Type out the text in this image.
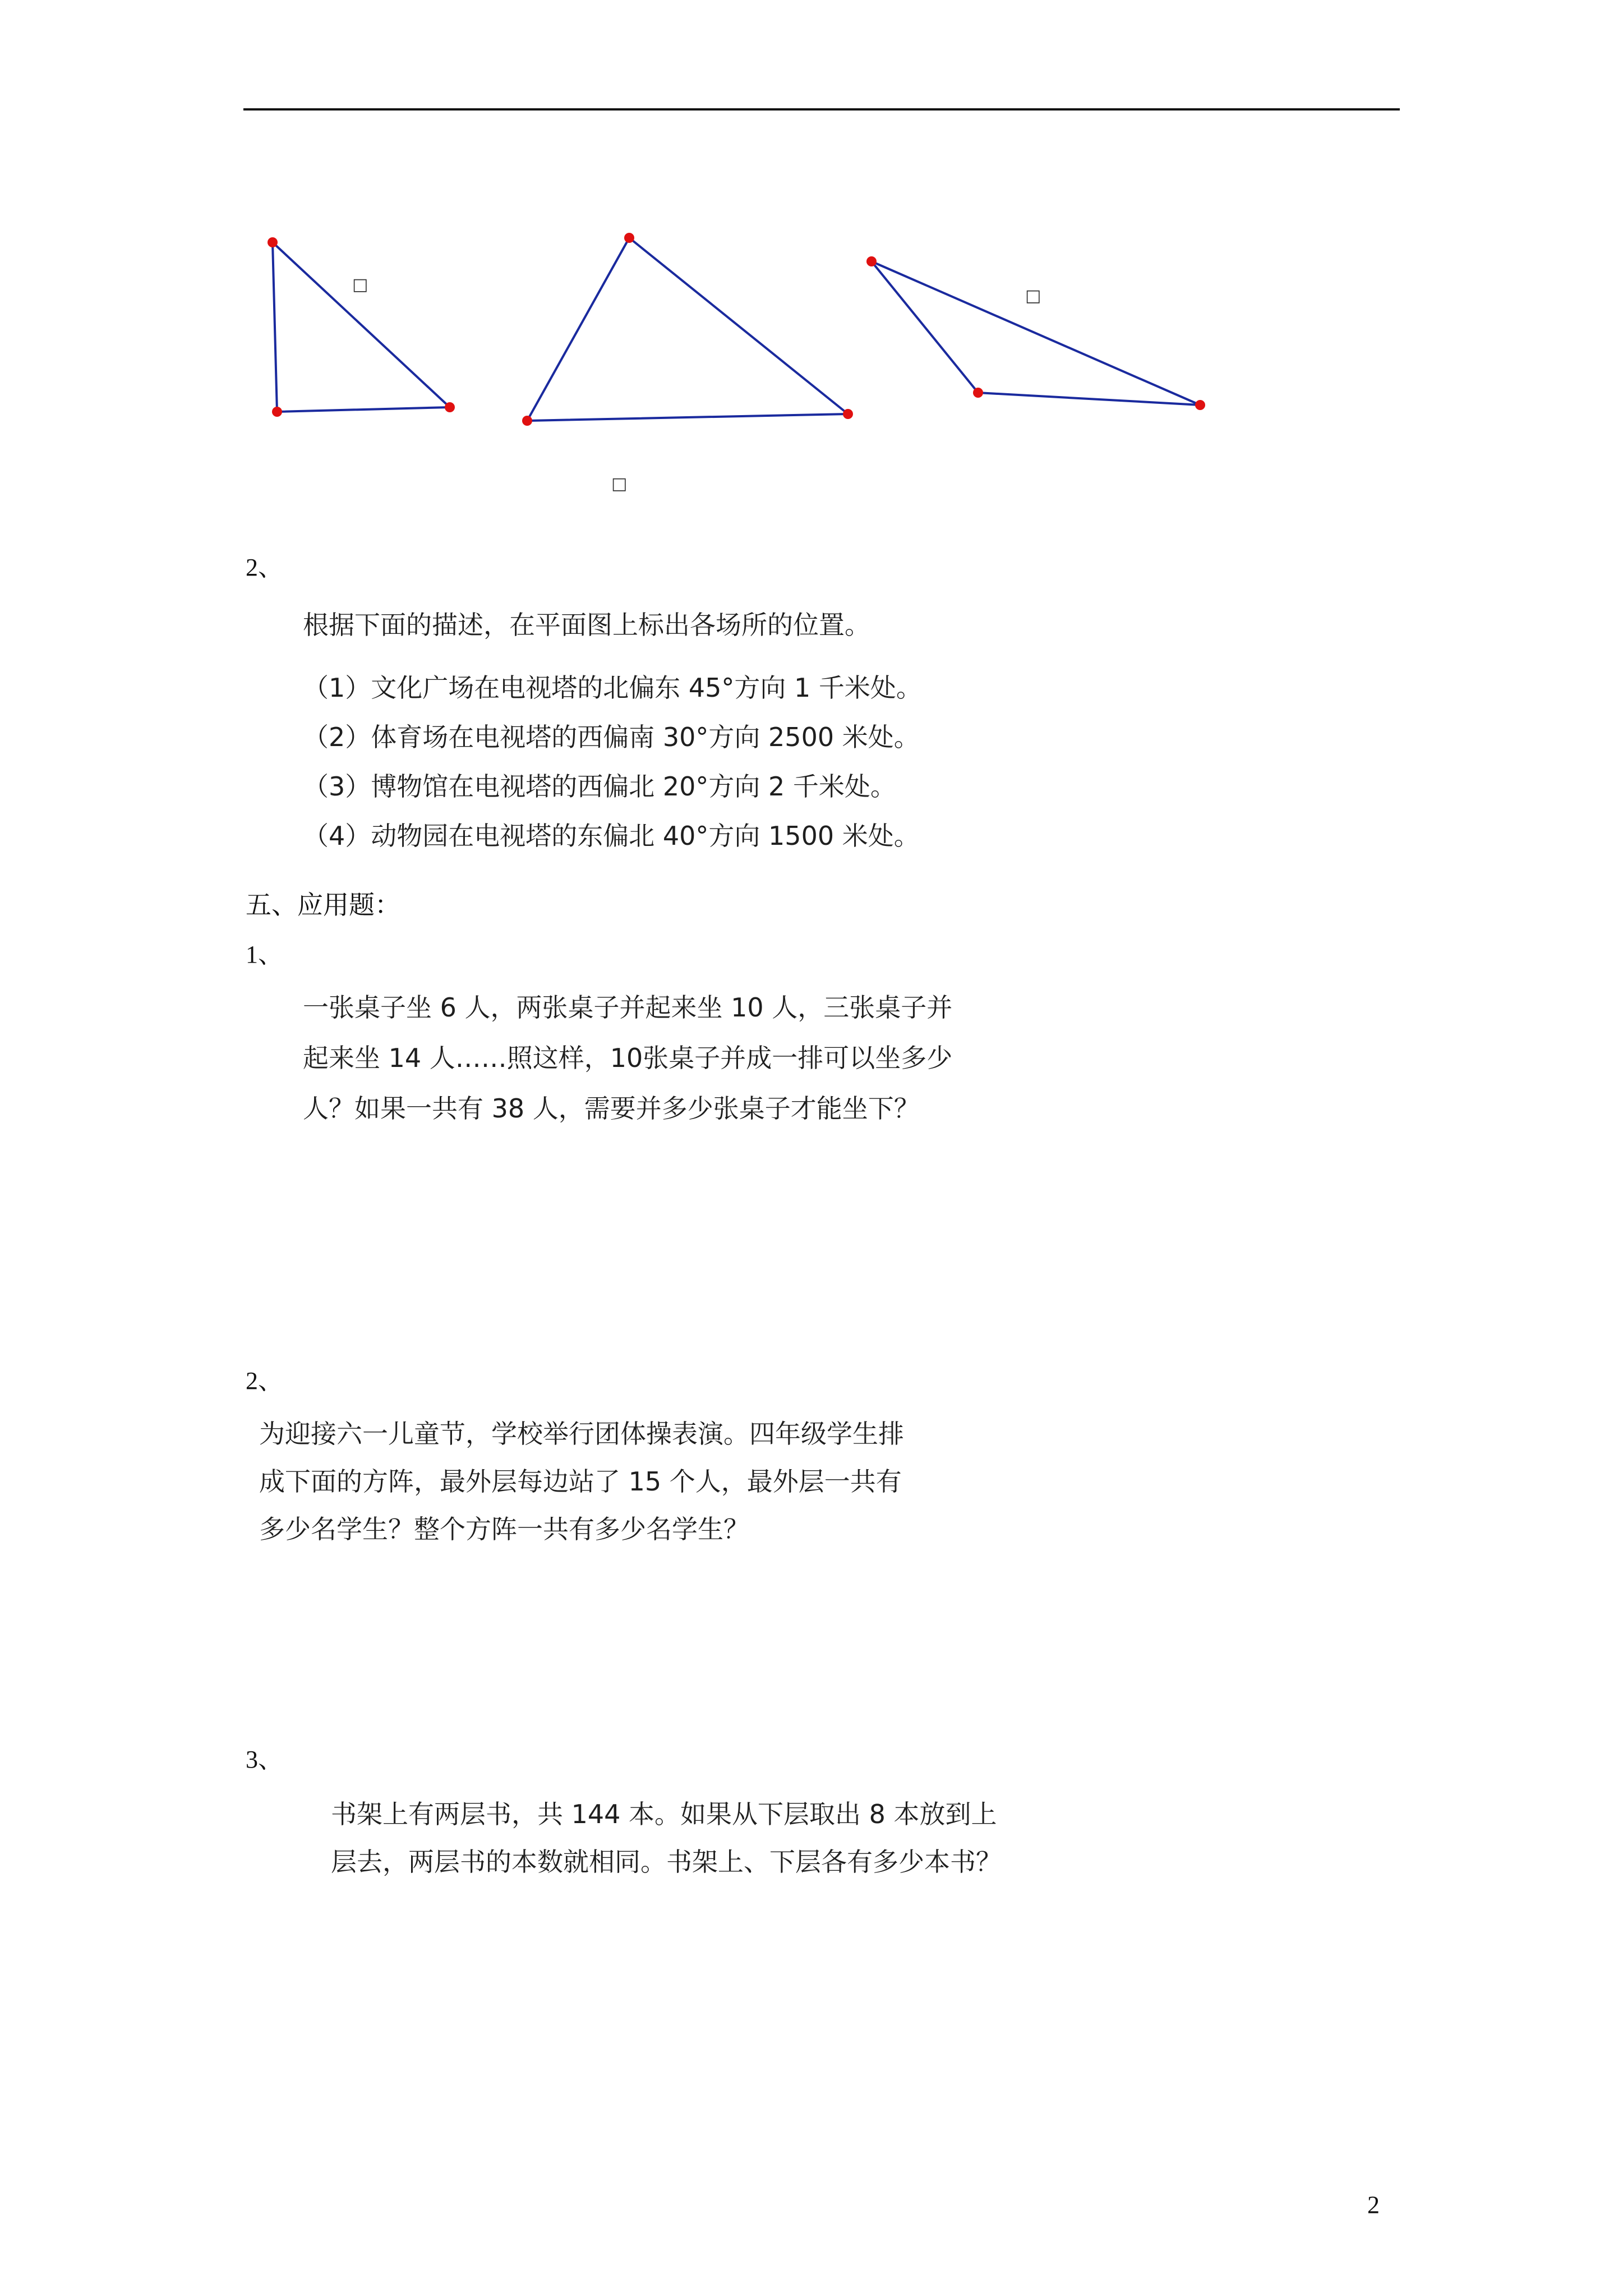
□
□
□
2、
根据下面的描述，在平面图上标出各场所的位置。
（1）文化广场在电视塔的北偏东 45°方向 1 千米处。
（2）体育场在电视塔的西偏南 30°方向 2500 米处。
（3）博物馆在电视塔的西偏北 20°方向 2 千米处。
（4）动物园在电视塔的东偏北 40°方向 1500 米处。
五、应用题：
1、
一张桌子坐 6 人，两张桌子并起来坐 10 人，三张桌子并
起来坐 14 人……照这样，10张桌子并成一排可以坐多少
人？如果一共有 38 人，需要并多少张桌子才能坐下？
2、
为迎接六一儿童节，学校举行团体操表演。四年级学生排
成下面的方阵，最外层每边站了 15 个人，最外层一共有
多少名学生？整个方阵一共有多少名学生？
3、
书架上有两层书，共 144 本。如果从下层取出 8 本放到上
层去，两层书的本数就相同。书架上、下层各有多少本书？
2
